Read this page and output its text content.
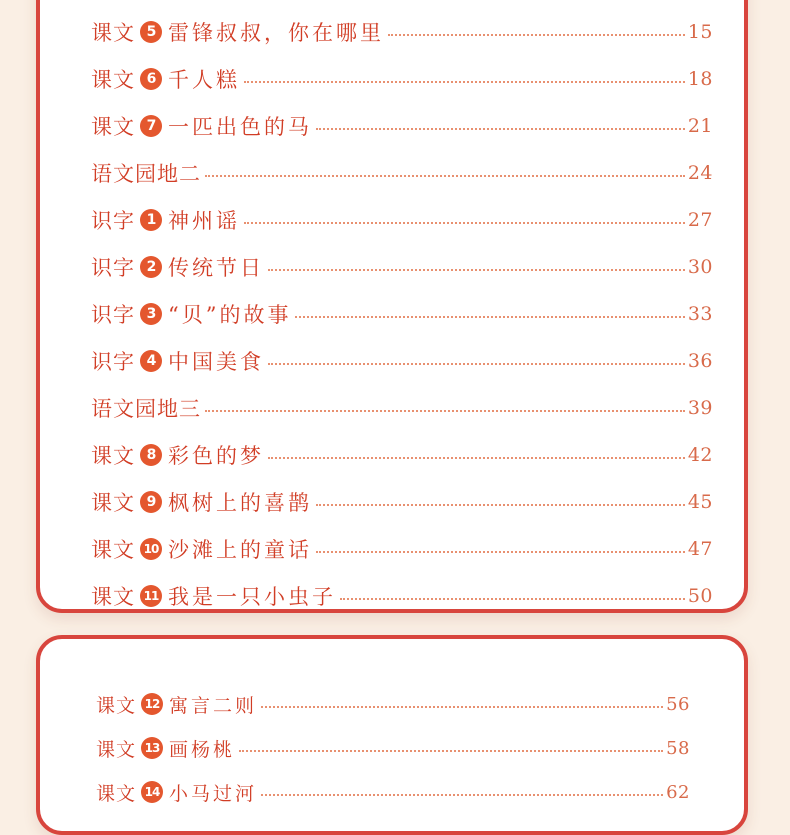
课文 5 雷锋叔叔，你在哪里	15
课文 6 千人糕	18
课文 7 一匹出色的马	21
语文园地二	24
识字 1 神州谣	27
识字 2 传统节日	30
识字 3 “贝”的故事	33
识字 4 中国美食	36
语文园地三	39
课文 8 彩色的梦	42
课文 9 枫树上的喜鹊	45
课文 10 沙滩上的童话	47
课文 11 我是一只小虫子	50
课文 12 寓言二则	56
课文 13 画杨桃	58
课文 14 小马过河	62
